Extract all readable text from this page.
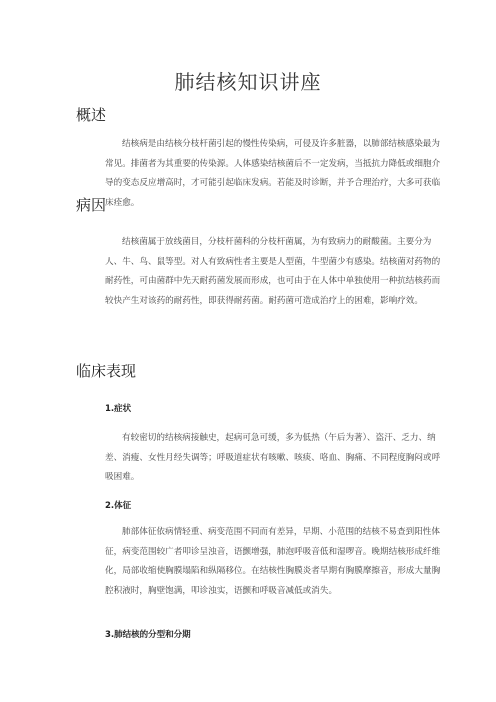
肺结核知识讲座
概述
结核病是由结核分枝杆菌引起的慢性传染病，可侵及许多脏器，以肺部结核感染最为常见。排菌者为其重要的传染源。人体感染结核菌后不一定发病，当抵抗力降低或细胞介导的变态反应增高时，才可能引起临床发病。若能及时诊断，并予合理治疗，大多可获临床痊愈。
病因
结核菌属于放线菌目，分枝杆菌科的分枝杆菌属，为有致病力的耐酸菌。主要分为人、牛、鸟、鼠等型。对人有致病性者主要是人型菌，牛型菌少有感染。结核菌对药物的耐药性，可由菌群中先天耐药菌发展而形成，也可由于在人体中单独使用一种抗结核药而较快产生对该药的耐药性，即获得耐药菌。耐药菌可造成治疗上的困难，影响疗效。
临床表现
1.症状
有较密切的结核病接触史，起病可急可缓，多为低热（午后为著）、盗汗、乏力、纳差、消瘦、女性月经失调等；呼吸道症状有咳嗽、咳痰、咯血、胸痛、不同程度胸闷或呼吸困难。
2.体征
肺部体征依病情轻重、病变范围不同而有差异，早期、小范围的结核不易查到阳性体征，病变范围较广者叩诊呈浊音，语颤增强，肺泡呼吸音低和湿啰音。晚期结核形成纤维化，局部收缩使胸膜塌陷和纵隔移位。在结核性胸膜炎者早期有胸膜摩擦音，形成大量胸腔积液时，胸壁饱满，叩诊浊实，语颤和呼吸音减低或消失。
3.肺结核的分型和分期
